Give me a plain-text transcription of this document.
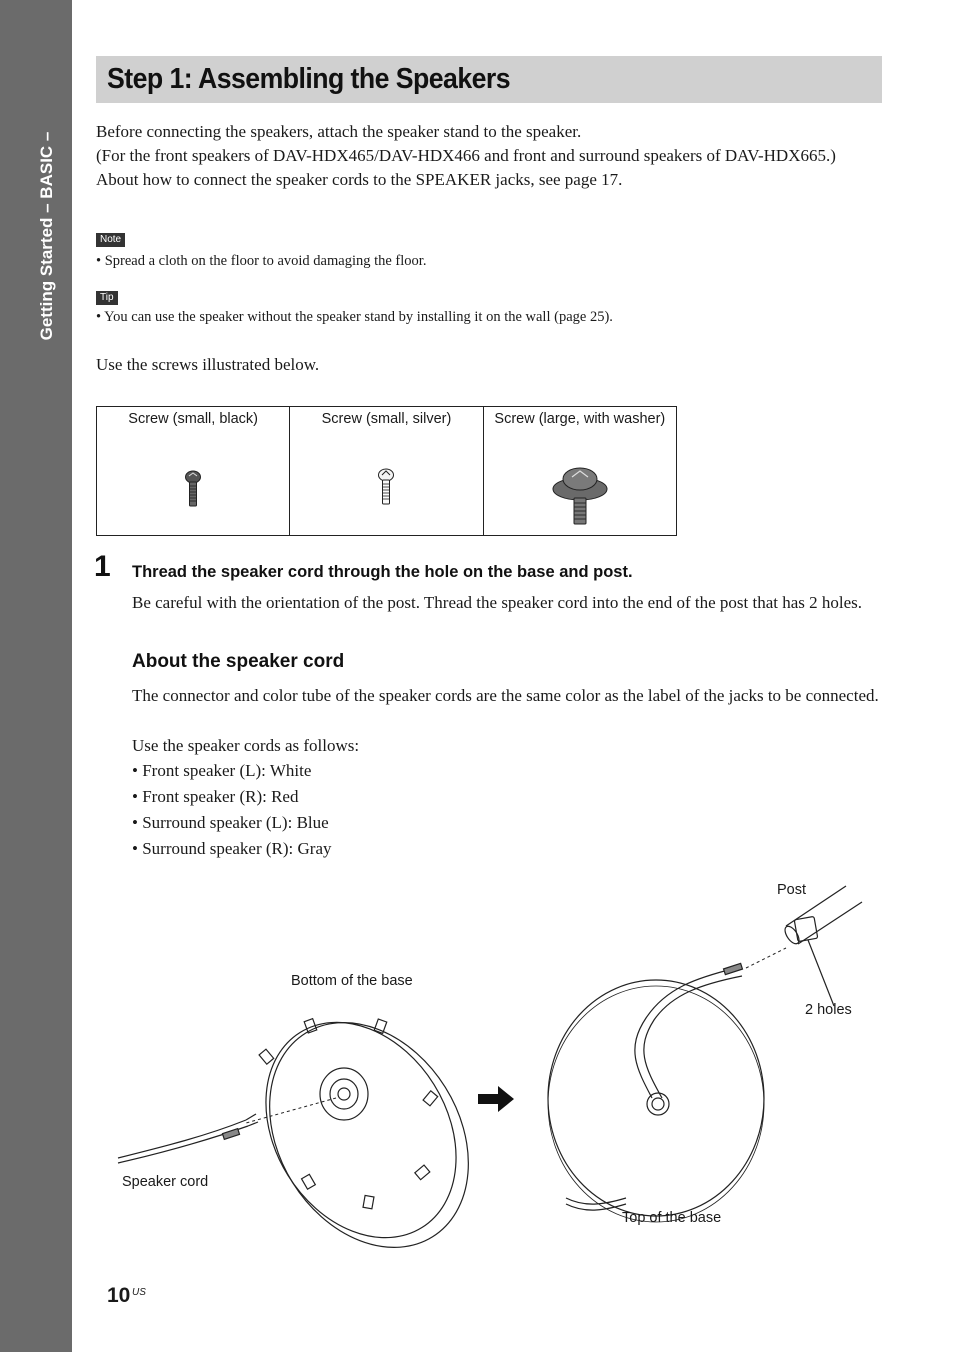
Getting Started – BASIC –
Step 1: Assembling the Speakers

Before connecting the speakers, attach the speaker stand to the speaker.

(For the front speakers of DAV-HDX465/DAV-HDX466 and front and surround speakers of DAV-HDX665.)

About how to connect the speaker cords to the SPEAKER jacks, see page 17.

Note
• Spread a cloth on the floor to avoid damaging the floor.
Tip
• You can use the speaker without the speaker stand by installing it on the wall (page 25).
Use the screws illustrated below.
Screw (small, black)	Screw (small, silver)	Screw (large, with washer)
1 Thread the speaker cord through the hole on the base and post.

Be careful with the orientation of the post. Thread the speaker cord into the end of the post that has 2 holes.

About the speaker cord

The connector and color tube of the speaker cords are the same color as the label of the jacks to be connected.

Use the speaker cords as follows:

• Front speaker (L): White
• Front speaker (R): Red
• Surround speaker (L): Blue
• Surround speaker (R): Gray
Post
2 holes
Bottom of the base
Speaker cord
Top of the base
10 US
